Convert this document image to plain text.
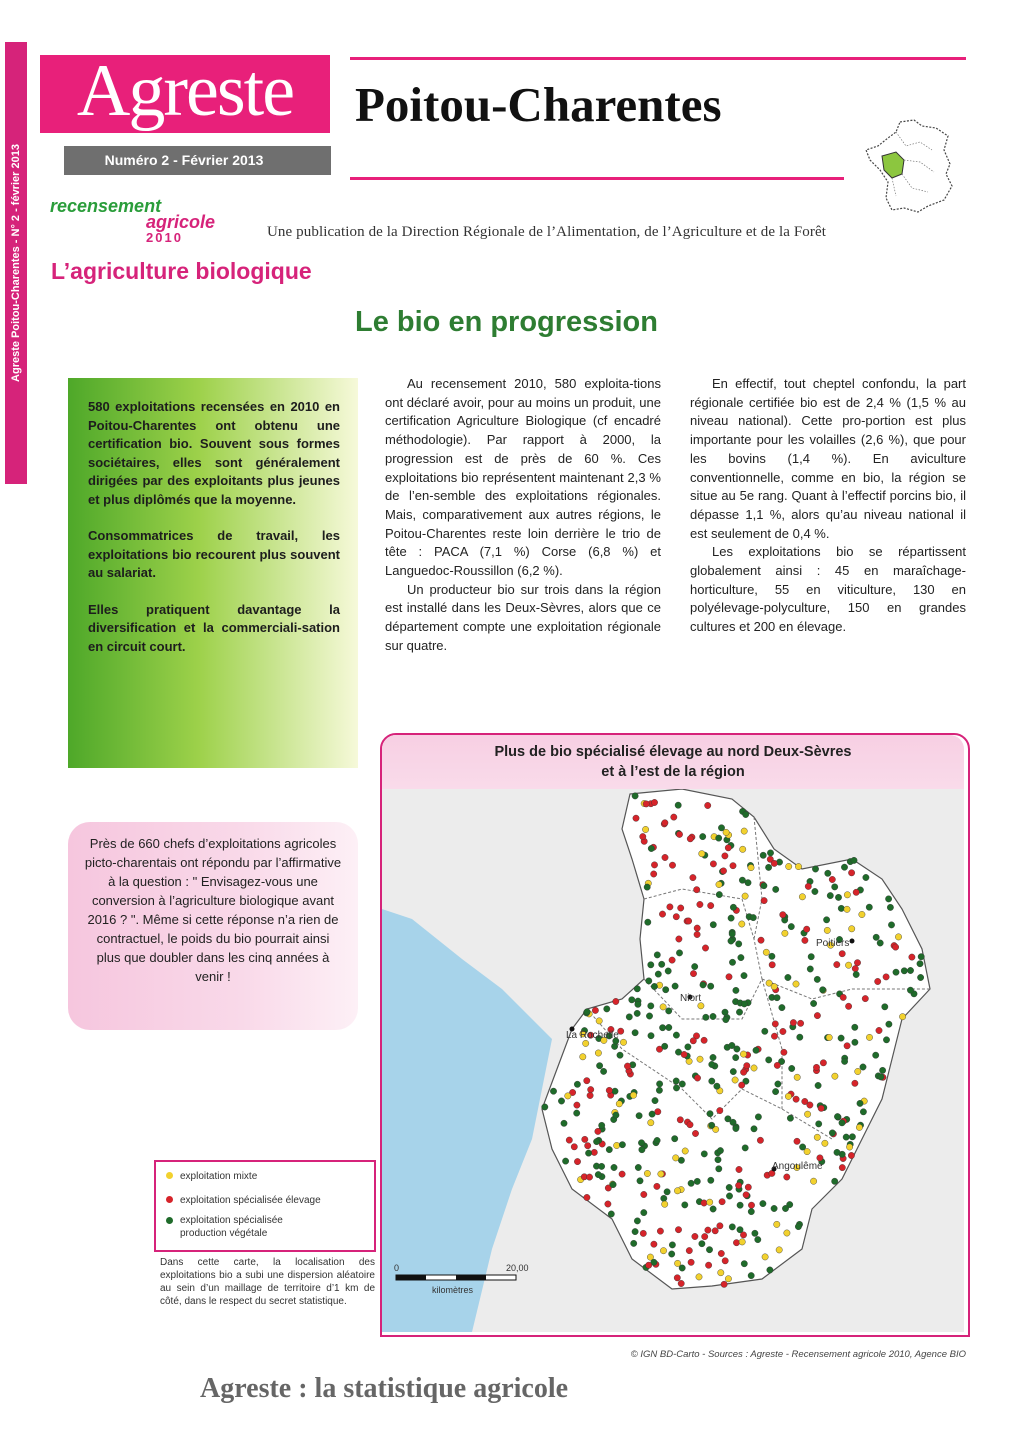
Agreste Poitou-Charentes - N° 2 - février 2013
Agreste
Numéro 2 - Février 2013
Poitou-Charentes
recensement
agricole
2010	Une publication de la Direction Régionale de l’Alimentation, de l’Agriculture et de la Forêt
L’agriculture biologique
Le bio en progression

580 exploitations recensées en 2010 en Poitou-Charentes ont obtenu une certification bio. Souvent sous formes sociétaires, elles sont généralement dirigées par des exploitants plus jeunes et plus diplômés que la moyenne.

Consommatrices de travail, les exploitations bio recourent plus souvent au salariat.

Elles pratiquent davantage la diversification et la commerciali-sation en circuit court.

Au recensement 2010, 580 exploita-tions ont déclaré avoir, pour au moins un produit, une certification Agriculture Biologique (cf encadré méthodologie). Par rapport à 2000, la progression est de près de 60 %. Ces exploitations bio représentent maintenant 2,3 % de l’en-semble des exploitations régionales. Mais, comparativement aux autres régions, le Poitou-Charentes reste loin derrière le trio de tête : PACA (7,1 %) Corse (6,8 %) et Languedoc-Roussillon (6,2 %).

Un producteur bio sur trois dans la région est installé dans les Deux-Sèvres, alors que ce département compte une exploitation régionale sur quatre.

En effectif, tout cheptel confondu, la part régionale certifiée bio est de 2,4 % (1,5 % au niveau national). Cette pro-portion est plus importante pour les volailles (2,6 %), que pour les bovins (1,4 %). En aviculture conventionnelle, comme en bio, la région se situe au 5e rang. Quant à l’effectif porcins bio, il dépasse 1,1 %, alors qu’au niveau national il est seulement de 0,4 %.

Les exploitations bio se répartissent globalement ainsi : 45 en maraîchage-horticulture, 55 en viticulture, 130 en polyélevage-polyculture, 150 en grandes cultures et 200 en élevage.

Près de 660 chefs d’exploitations agricoles picto-charentais ont répondu par l’affirmative à la question : " Envisagez-vous une conversion à l’agriculture biologique avant 2016 ? ". Même si cette réponse n’a rien de contractuel, le poids du bio pourrait ainsi plus que doubler dans les cinq années à venir !
Plus de bio spécialisé élevage au nord Deux-Sèvres
et à l’est de la région
Poitiers
Niort
La Rochelle
Angoulême
0	20,00
kilomètres
exploitation mixte
exploitation spécialisée élevage
exploitation spécialisée production végétale
Dans cette carte, la localisation des exploitations bio a subi une dispersion aléatoire au sein d’un maillage de territoire d’1 km de côté, dans le respect du secret statistique.
© IGN BD-Carto - Sources : Agreste - Recensement agricole 2010, Agence BIO
Agreste : la statistique agricole
